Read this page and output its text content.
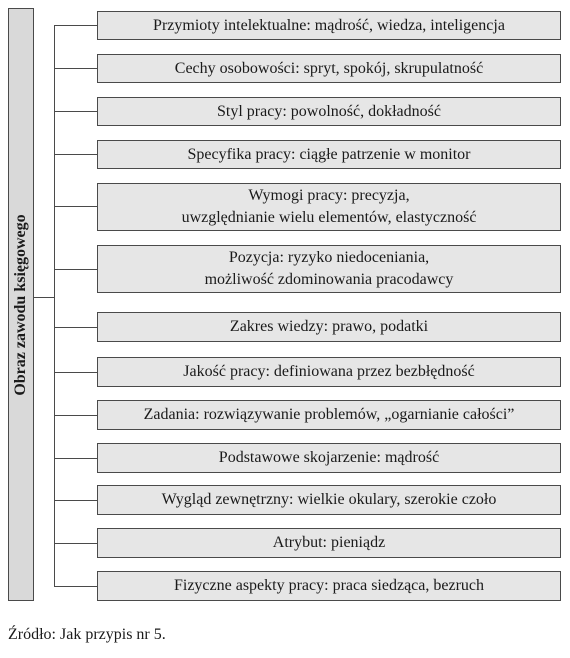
Obraz zawodu księgowego
Przymioty intelektualne: mądrość, wiedza, inteligencja
Cechy osobowości: spryt, spokój, skrupulatność
Styl pracy: powolność, dokładność
Specyfika pracy: ciągłe patrzenie w monitor
Wymogi pracy: precyzja,
uwzględnianie wielu elementów, elastyczność
Pozycja: ryzyko niedoceniania,
możliwość zdominowania pracodawcy
Zakres wiedzy: prawo, podatki
Jakość pracy: definiowana przez bezbłędność
Zadania: rozwiązywanie problemów, „ogarnianie całości”
Podstawowe skojarzenie: mądrość
Wygląd zewnętrzny: wielkie okulary, szerokie czoło
Atrybut: pieniądz
Fizyczne aspekty pracy: praca siedząca, bezruch
Źródło: Jak przypis nr 5.
